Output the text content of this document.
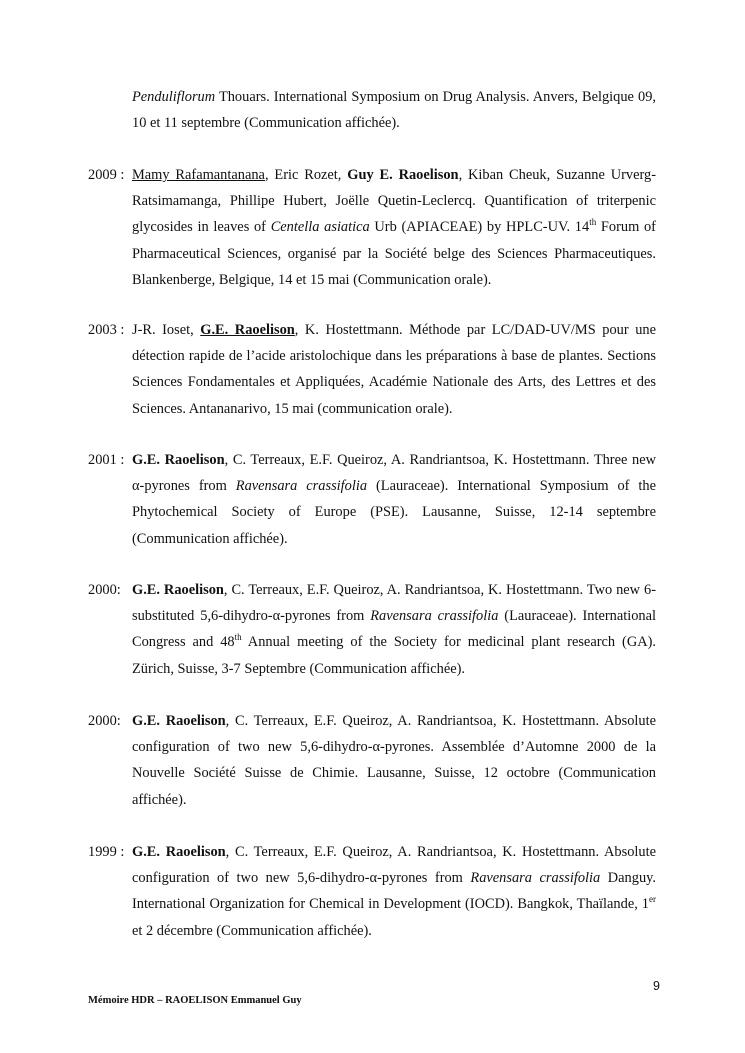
Penduliflorum Thouars. International Symposium on Drug Analysis. Anvers, Belgique 09, 10 et 11 septembre (Communication affichée).
2009 : Mamy Rafamantanana, Eric Rozet, Guy E. Raoelison, Kiban Cheuk, Suzanne Urverg-Ratsimamanga, Phillipe Hubert, Joëlle Quetin-Leclercq. Quantification of triterpenic glycosides in leaves of Centella asiatica Urb (APIACEAE) by HPLC-UV. 14th Forum of Pharmaceutical Sciences, organisé par la Société belge des Sciences Pharmaceutiques. Blankenberge, Belgique, 14 et 15 mai (Communication orale).
2003 : J-R. Ioset, G.E. Raoelison, K. Hostettmann. Méthode par LC/DAD-UV/MS pour une détection rapide de l’acide aristolochique dans les préparations à base de plantes. Sections Sciences Fondamentales et Appliquées, Académie Nationale des Arts, des Lettres et des Sciences. Antananarivo, 15 mai (communication orale).
2001 : G.E. Raoelison, C. Terreaux, E.F. Queiroz, A. Randriantsoa, K. Hostettmann. Three new α-pyrones from Ravensara crassifolia (Lauraceae). International Symposium of the Phytochemical Society of Europe (PSE). Lausanne, Suisse, 12-14 septembre (Communication affichée).
2000: G.E. Raoelison, C. Terreaux, E.F. Queiroz, A. Randriantsoa, K. Hostettmann. Two new 6-substituted 5,6-dihydro-α-pyrones from Ravensara crassifolia (Lauraceae). International Congress and 48th Annual meeting of the Society for medicinal plant research (GA). Zürich, Suisse, 3-7 Septembre (Communication affichée).
2000: G.E. Raoelison, C. Terreaux, E.F. Queiroz, A. Randriantsoa, K. Hostettmann. Absolute configuration of two new 5,6-dihydro-α-pyrones. Assemblée d’Automne 2000 de la Nouvelle Société Suisse de Chimie. Lausanne, Suisse, 12 octobre (Communication affichée).
1999 : G.E. Raoelison, C. Terreaux, E.F. Queiroz, A. Randriantsoa, K. Hostettmann. Absolute configuration of two new 5,6-dihydro-α-pyrones from Ravensara crassifolia Danguy. International Organization for Chemical in Development (IOCD). Bangkok, Thaïlande, 1er et 2 décembre (Communication affichée).
9
Mémoire HDR – RAOELISON Emmanuel Guy
